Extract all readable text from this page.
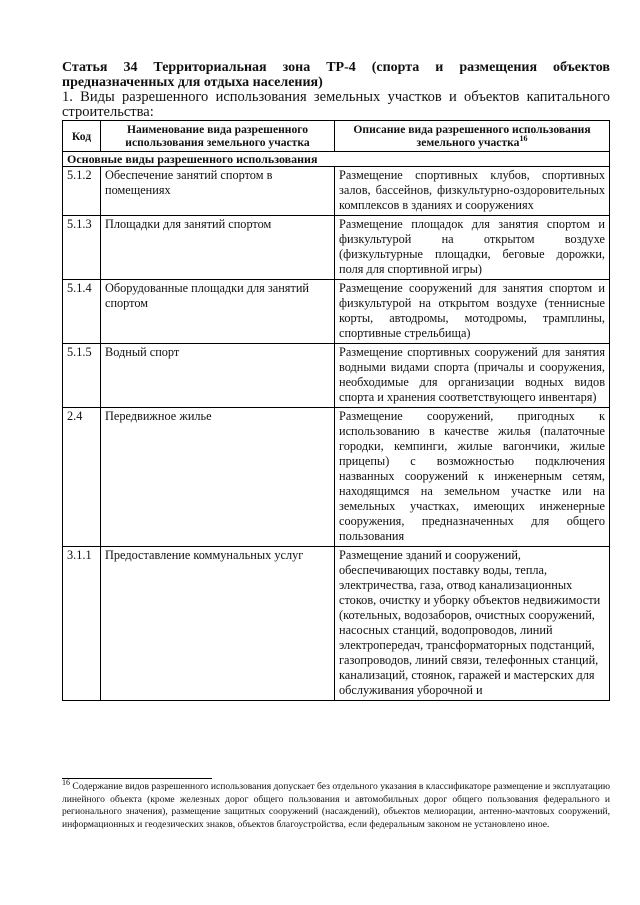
Статья 34 Территориальная зона ТР-4 (спорта и размещения объектов предназначенных для отдыха населения)

1. Виды разрешенного использования земельных участков и объектов капитального строительства:

Код	Наименование вида разрешенного использования земельного участка	Описание вида разрешенного использования земельного участка$^{16}$
Основные виды разрешенного использования		
5.1.2	Обеспечение занятий спортом в помещениях	Размещение спортивных клубов, спортивных залов, бассейнов, физкультурно-оздоровительных комплексов в зданиях и сооружениях
5.1.3	Площадки для занятий спортом	Размещение площадок для занятия спортом и физкультурой на открытом воздухе (физкультурные площадки, беговые дорожки, поля для спортивной игры)
5.1.4	Оборудованные площадки для занятий спортом	Размещение сооружений для занятия спортом и физкультурой на открытом воздухе (теннисные корты, автодромы, мотодромы, трамплины, спортивные стрельбища)
5.1.5	Водный спорт	Размещение спортивных сооружений для занятия водными видами спорта (причалы и сооружения, необходимые для организации водных видов спорта и хранения соответствующего инвентаря)
2.4	Передвижное жилье	Размещение сооружений, пригодных к использованию в качестве жилья (палаточные городки, кемпинги, жилые вагончики, жилые прицепы) с возможностью подключения названных сооружений к инженерным сетям, находящимся на земельном участке или на земельных участках, имеющих инженерные сооружения, предназначенных для общего пользования
3.1.1	Предоставление коммунальных услуг	Размещение зданий и сооружений, обеспечивающих поставку воды, тепла, электричества, газа, отвод канализационных стоков, очистку и уборку объектов недвижимости (котельных, водозаборов, очистных сооружений, насосных станций, водопроводов, линий электропередач, трансформаторных подстанций, газопроводов, линий связи, телефонных станций, канализаций, стоянок, гаражей и мастерских для обслуживания уборочной и
$^{16}$ Содержание видов разрешенного использования допускает без отдельного указания в классификаторе размещение и эксплуатацию линейного объекта (кроме железных дорог общего пользования и автомобильных дорог общего пользования федерального и регионального значения), размещение защитных сооружений (насаждений), объектов мелиорации, антенно-мачтовых сооружений, информационных и геодезических знаков, объектов благоустройства, если федеральным законом не установлено иное.
